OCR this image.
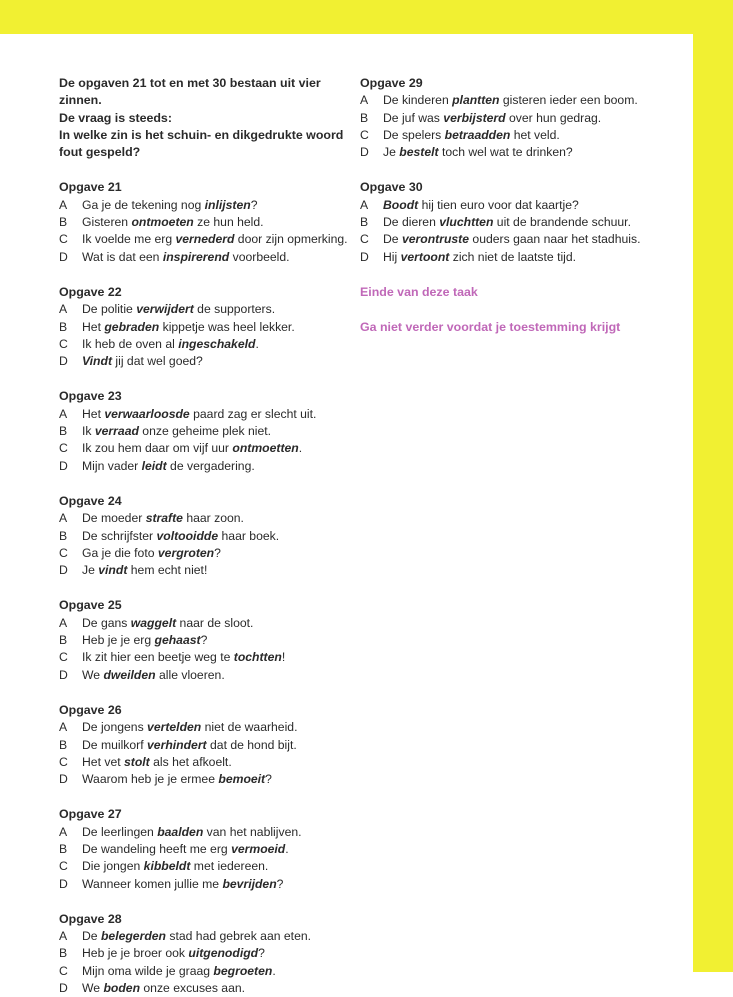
De opgaven 21 tot en met 30 bestaan uit vier zinnen.
De vraag is steeds:
In welke zin is het schuin- en dikgedrukte woord
fout gespeld?
Opgave 21
A	Ga je de tekening nog inlijsten?
B	Gisteren ontmoeten ze hun held.
C	Ik voelde me erg vernederd door zijn opmerking.
D	Wat is dat een inspirerend voorbeeld.
Opgave 22
A	De politie verwijdert de supporters.
B	Het gebraden kippetje was heel lekker.
C	Ik heb de oven al ingeschakeld.
D	Vindt jij dat wel goed?
Opgave 23
A	Het verwaarloosde paard zag er slecht uit.
B	Ik verraad onze geheime plek niet.
C	Ik zou hem daar om vijf uur ontmoetten.
D	Mijn vader leidt de vergadering.
Opgave 24
A	De moeder strafte haar zoon.
B	De schrijfster voltooidde haar boek.
C	Ga je die foto vergroten?
D	Je vindt hem echt niet!
Opgave 25
A	De gans waggelt naar de sloot.
B	Heb je je erg gehaast?
C	Ik zit hier een beetje weg te tochtten!
D	We dweilden alle vloeren.
Opgave 26
A	De jongens vertelden niet de waarheid.
B	De muilkorf verhindert dat de hond bijt.
C	Het vet stolt als het afkoelt.
D	Waarom heb je je ermee bemoeit?
Opgave 27
A	De leerlingen baalden van het nablijven.
B	De wandeling heeft me erg vermoeid.
C	Die jongen kibbeldt met iedereen.
D	Wanneer komen jullie me bevrijden?
Opgave 28
A	De belegerden stad had gebrek aan eten.
B	Heb je je broer ook uitgenodigd?
C	Mijn oma wilde je graag begroeten.
D	We boden onze excuses aan.
Opgave 29
A	De kinderen plantten gisteren ieder een boom.
B	De juf was verbijsterd over hun gedrag.
C	De spelers betraadden het veld.
D	Je bestelt toch wel wat te drinken?
Opgave 30
A	Boodt hij tien euro voor dat kaartje?
B	De dieren vluchtten uit de brandende schuur.
C	De verontruste ouders gaan naar het stadhuis.
D	Hij vertoont zich niet de laatste tijd.
Einde van deze taak
Ga niet verder voordat je toestemming krijgt
